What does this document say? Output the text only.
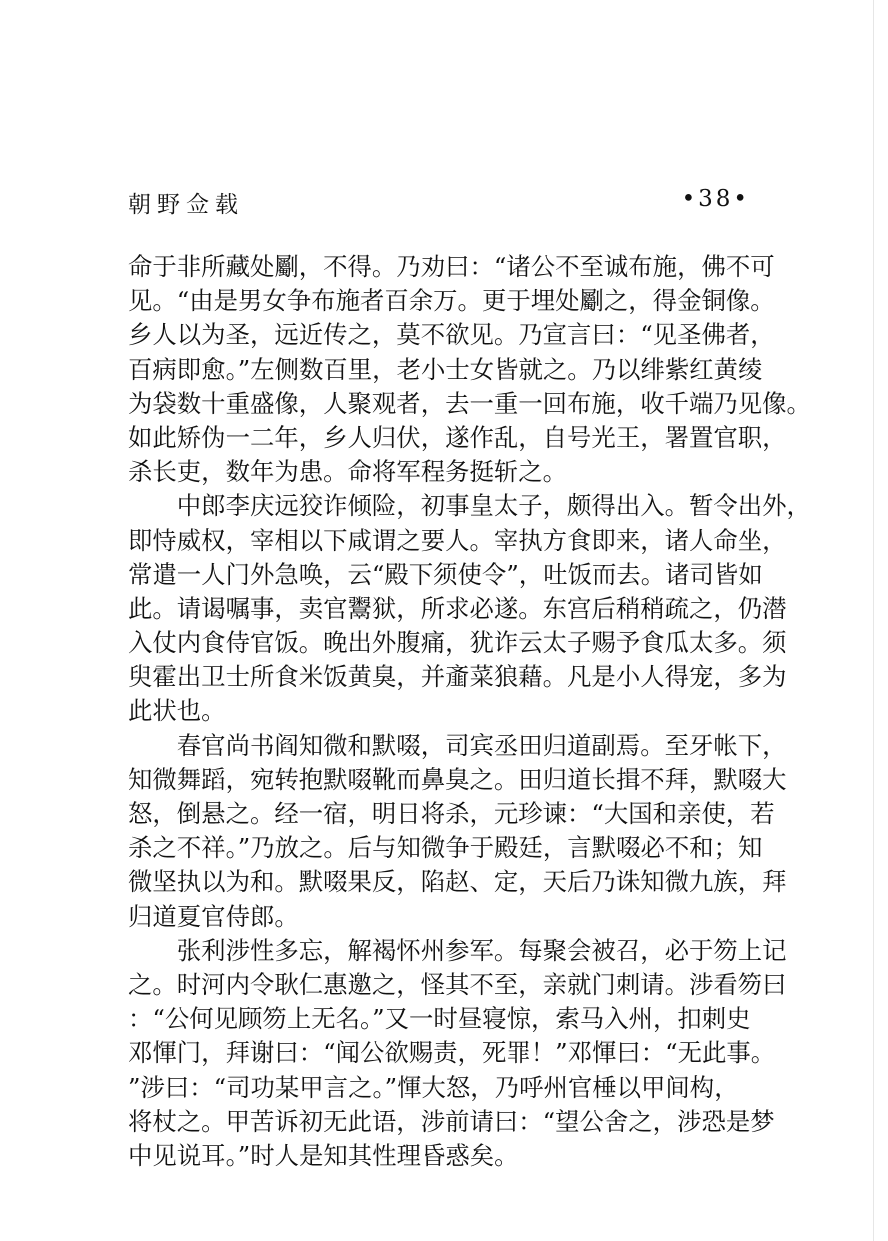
朝野佥载	•38•
命于非所藏处劚，不得。乃劝曰：“诸公不至诚布施，佛不可
见。“由是男女争布施者百余万。更于埋处劚之，得金铜像。
乡人以为圣，远近传之，莫不欲见。乃宣言曰：“见圣佛者，
百病即愈。”左侧数百里，老小士女皆就之。乃以绯紫红黄绫
为袋数十重盛像，人聚观者，去一重一回布施，收千端乃见像。
如此矫伪一二年，乡人归伏，遂作乱，自号光王，署置官职，
杀长吏，数年为患。命将军程务挺斩之。
　　中郎李庆远狡诈倾险，初事皇太子，颇得出入。暂令出外，
即恃威权，宰相以下咸谓之要人。宰执方食即来，诸人命坐，
常遣一人门外急唤，云“殿下须使令”，吐饭而去。诸司皆如
此。请谒嘱事，卖官鬻狱，所求必遂。东宫后稍稍疏之，仍潜
入仗内食侍官饭。晚出外腹痛，犹诈云太子赐予食瓜太多。须
臾霍出卫士所食米饭黄臭，并齑菜狼藉。凡是小人得宠，多为
此状也。
　　春官尚书阎知微和默啜，司宾丞田归道副焉。至牙帐下，
知微舞蹈，宛转抱默啜靴而鼻臭之。田归道长揖不拜，默啜大
怒，倒悬之。经一宿，明日将杀，元珍谏：“大国和亲使，若
杀之不祥。”乃放之。后与知微争于殿廷，言默啜必不和；知
微坚执以为和。默啜果反，陷赵、定，天后乃诛知微九族，拜
归道夏官侍郎。
　　张利涉性多忘，解褐怀州参军。每聚会被召，必于笏上记
之。时河内令耿仁惠邀之，怪其不至，亲就门刺请。涉看笏曰
：“公何见顾笏上无名。”又一时昼寝惊，索马入州，扣刺史
邓惲门，拜谢曰：“闻公欲赐责，死罪！”邓惲曰：“无此事。
”涉曰：“司功某甲言之。”惲大怒，乃呼州官棰以甲间构，
将杖之。甲苦诉初无此语，涉前请曰：“望公舍之，涉恐是梦
中见说耳。”时人是知其性理昏惑矣。
